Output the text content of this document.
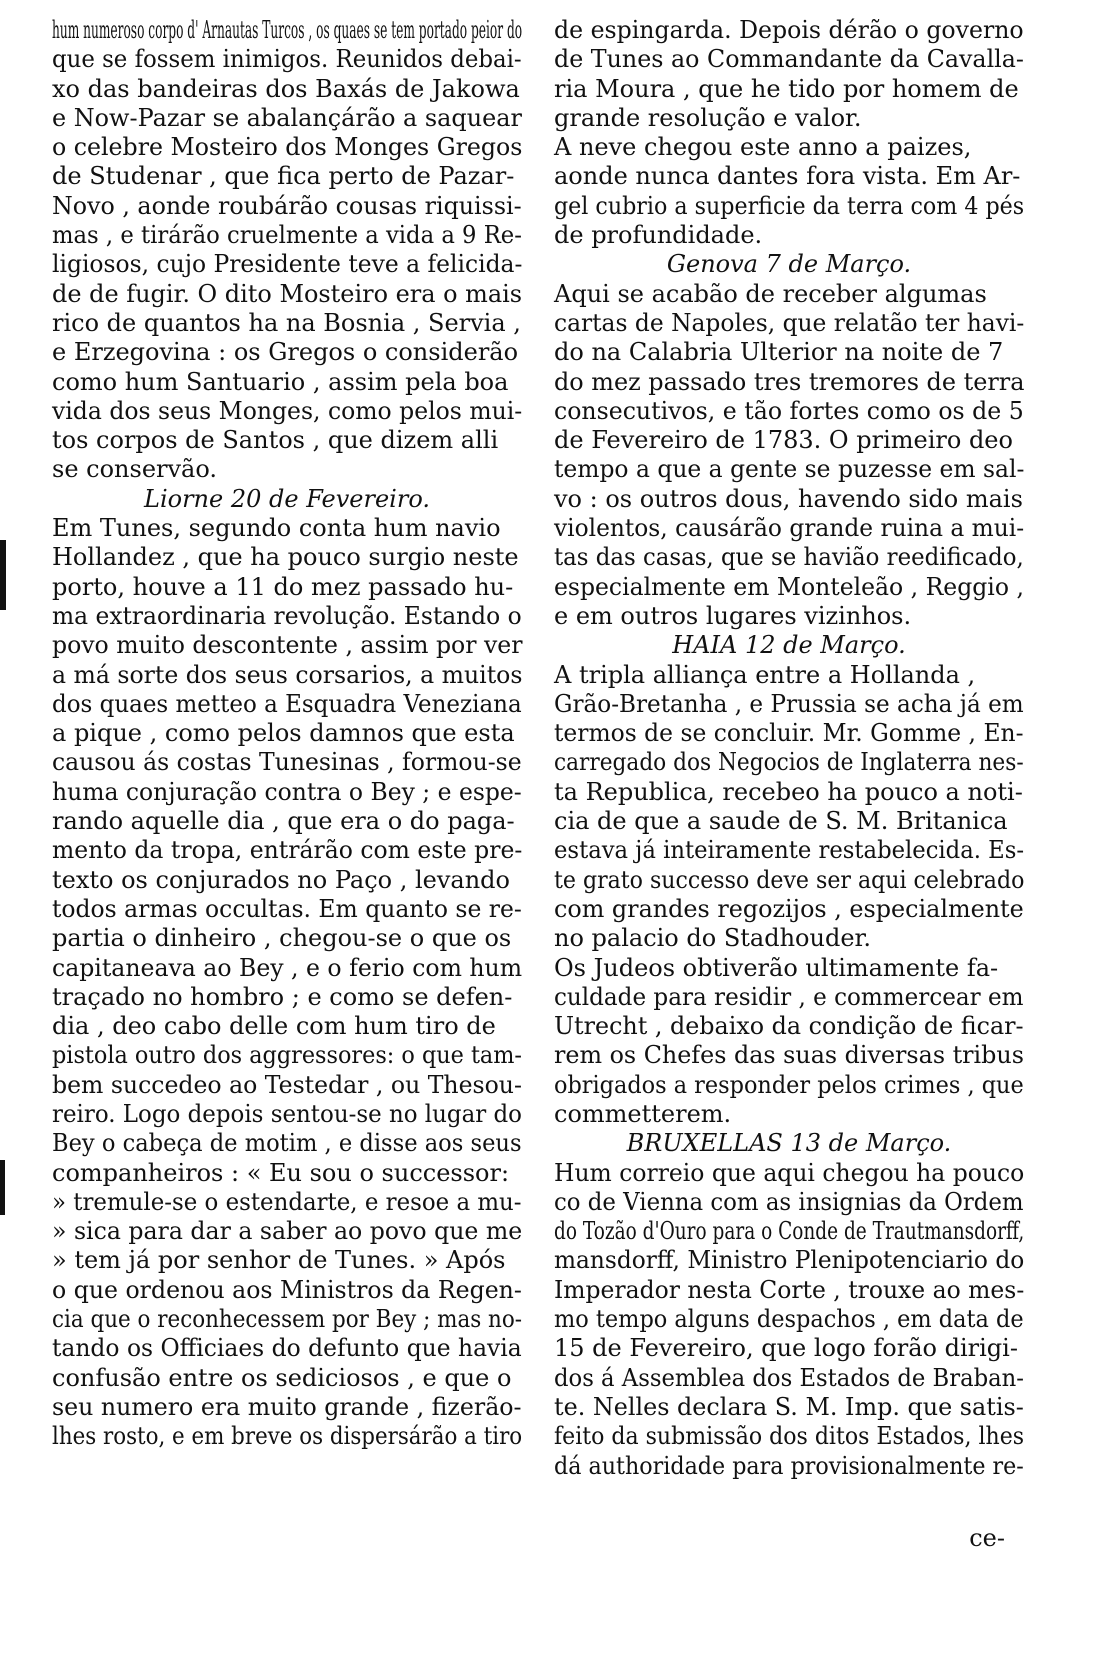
hum numeroso corpo d' Arnautas Turcos , os quaes se tem portado peior do
que se fossem inimigos. Reunidos debai-
xo das bandeiras dos Baxás de Jakowa
e Now-Pazar se abalançárão a saquear
o celebre Mosteiro dos Monges Gregos
de Studenar , que fica perto de Pazar-
Novo , aonde roubárão cousas riquissi-
mas , e tirárão cruelmente a vida a 9 Re-
ligiosos, cujo Presidente teve a felicida-
de de fugir. O dito Mosteiro era o mais
rico de quantos ha na Bosnia , Servia ,
e Erzegovina : os Gregos o considerão
como hum Santuario , assim pela boa
vida dos seus Monges, como pelos mui-
tos corpos de Santos , que dizem alli
se conservão.
Liorne 20 de Fevereiro.
Em Tunes, segundo conta hum navio
Hollandez , que ha pouco surgio neste
porto, houve a 11 do mez passado hu-
ma extraordinaria revolução. Estando o
povo muito descontente , assim por ver
a má sorte dos seus corsarios, a muitos
dos quaes metteo a Esquadra Veneziana
a pique , como pelos damnos que esta
causou ás costas Tunesinas , formou-se
huma conjuração contra o Bey ; e espe-
rando aquelle dia , que era o do paga-
mento da tropa, entrárão com este pre-
texto os conjurados no Paço , levando
todos armas occultas. Em quanto se re-
partia o dinheiro , chegou-se o que os
capitaneava ao Bey , e o ferio com hum
traçado no hombro ; e como se defen-
dia , deo cabo delle com hum tiro de
pistola outro dos aggressores: o que tam-
bem succedeo ao Testedar , ou Thesou-
reiro. Logo depois sentou-se no lugar do
Bey o cabeça de motim , e disse aos seus
companheiros : « Eu sou o successor:
» tremule-se o estendarte, e resoe a mu-
» sica para dar a saber ao povo que me
» tem já por senhor de Tunes. » Após
o que ordenou aos Ministros da Regen-
cia que o reconhecessem por Bey ; mas no-
tando os Officiaes do defunto que havia
confusão entre os sediciosos , e que o
seu numero era muito grande , fizerão-
lhes rosto, e em breve os dispersárão a tiro
de espingarda. Depois dérão o governo
de Tunes ao Commandante da Cavalla-
ria Moura , que he tido por homem de
grande resolução e valor.
A neve chegou este anno a paizes,
aonde nunca dantes fora vista. Em Ar-
gel cubrio a superficie da terra com 4 pés
de profundidade.
Genova 7 de Março.
Aqui se acabão de receber algumas
cartas de Napoles, que relatão ter havi-
do na Calabria Ulterior na noite de 7
do mez passado tres tremores de terra
consecutivos, e tão fortes como os de 5
de Fevereiro de 1783. O primeiro deo
tempo a que a gente se puzesse em sal-
vo : os outros dous, havendo sido mais
violentos, causárão grande ruina a mui-
tas das casas, que se havião reedificado,
especialmente em Monteleão , Reggio ,
e em outros lugares vizinhos.
HAIA 12 de Março.
A tripla alliança entre a Hollanda ,
Grão-Bretanha , e Prussia se acha já em
termos de se concluir. Mr. Gomme , En-
carregado dos Negocios de Inglaterra nes-
ta Republica, recebeo ha pouco a noti-
cia de que a saude de S. M. Britanica
estava já inteiramente restabelecida. Es-
te grato successo deve ser aqui celebrado
com grandes regozijos , especialmente
no palacio do Stadhouder.
Os Judeos obtiverão ultimamente fa-
culdade para residir , e commercear em
Utrecht , debaixo da condição de ficar-
rem os Chefes das suas diversas tribus
obrigados a responder pelos crimes , que
commetterem.
BRUXELLAS 13 de Março.
Hum correio que aqui chegou ha pouco
co de Vienna com as insignias da Ordem
do Tozão d'Ouro para o Conde de Trautmansdorff,
mansdorff, Ministro Plenipotenciario do
Imperador nesta Corte , trouxe ao mes-
mo tempo alguns despachos , em data de
15 de Fevereiro, que logo forão dirigi-
dos á Assemblea dos Estados de Braban-
te. Nelles declara S. M. Imp. que satis-
feito da submissão dos ditos Estados, lhes
dá authoridade para provisionalmente re-
ce-
